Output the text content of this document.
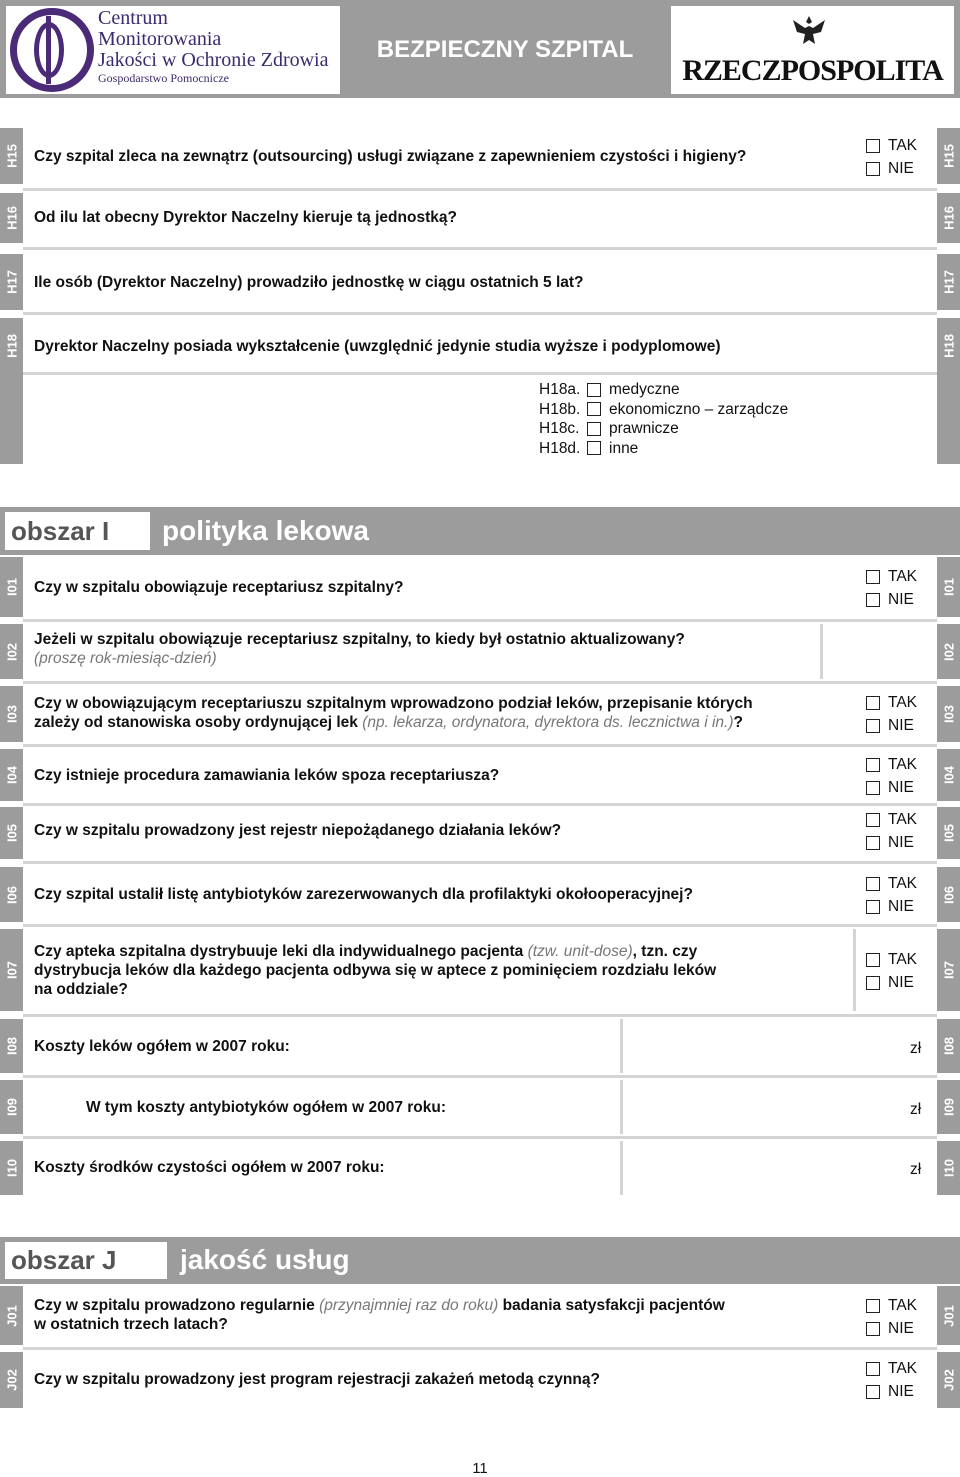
Centrum
Monitorowania
Jakości w Ochronie Zdrowia
Gospodarstwo Pomocnicze
BEZPIECZNY SZPITAL
RZECZPOSPOLITA
H15	H15
Czy szpital zleca na zewnątrz (outsourcing) usługi związane z zapewnieniem czystości i higieny?
TAK
NIE
H16	H16
Od ilu lat obecny Dyrektor Naczelny kieruje tą jednostką?
H17	H17
Ile osób (Dyrektor Naczelny) prowadziło jednostkę w ciągu ostatnich 5 lat?
H18	H18
Dyrektor Naczelny posiada wykształcenie (uwzględnić jedynie studia wyższe i podyplomowe)
H18a.	medyczne
H18b.	ekonomiczno – zarządcze
H18c.	prawnicze
H18d.	inne
obszar I	polityka lekowa
I01	I01
Czy w szpitalu obowiązuje receptariusz szpitalny?
TAK
NIE
I02	I02
Jeżeli w szpitalu obowiązuje receptariusz szpitalny, to kiedy był ostatnio aktualizowany?
(proszę rok-miesiąc-dzień)
I03	I03
Czy w obowiązującym receptariuszu szpitalnym wprowadzono podział leków, przepisanie których
zależy od stanowiska osoby ordynującej lek (np. lekarza, ordynatora, dyrektora ds. lecznictwa i in.)?
TAK
NIE
I04	I04
Czy istnieje procedura zamawiania leków spoza receptariusza?
TAK
NIE
I05	I05
Czy w szpitalu prowadzony jest rejestr niepożądanego działania leków?
TAK
NIE
I06	I06
Czy szpital ustalił listę antybiotyków zarezerwowanych dla profilaktyki okołooperacyjnej?
TAK
NIE
I07	I07
Czy apteka szpitalna dystrybuuje leki dla indywidualnego pacjenta (tzw. unit-dose), tzn. czy
dystrybucja leków dla każdego pacjenta odbywa się w aptece z pominięciem rozdziału leków
na oddziale?
TAK
NIE
I08	I08
Koszty leków ogółem w 2007 roku:	zł
I09	I09
W tym koszty antybiotyków ogółem w 2007 roku:	zł
I10	I10
Koszty środków czystości ogółem w 2007 roku:	zł
obszar J	jakość usług
J01	J01
Czy w szpitalu prowadzono regularnie (przynajmniej raz do roku) badania satysfakcji pacjentów
w ostatnich trzech latach?
TAK
NIE
J02	J02
Czy w szpitalu prowadzony jest program rejestracji zakażeń metodą czynną?
TAK
NIE
11
